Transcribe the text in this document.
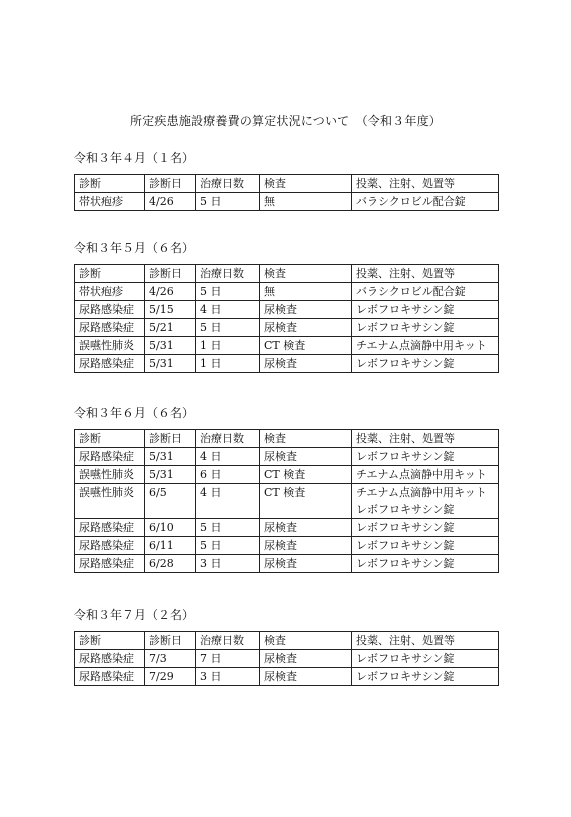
所定疾患施設療養費の算定状況について　（令和３年度）
令和３年４月（１名）
診断	診断日	治療日数	検査	投薬、注射、処置等
帯状疱疹	4/26	5 日	無	バラシクロビル配合錠
令和３年５月（６名）
診断	診断日	治療日数	検査	投薬、注射、処置等
帯状疱疹	4/26	5 日	無	バラシクロビル配合錠

尿路感染症	5/15	4 日	尿検査	レボフロキサシン錠

尿路感染症	5/21	5 日	尿検査	レボフロキサシン錠

誤嚥性肺炎	5/31	1 日	CT 検査	チエナム点滴静中用キット

尿路感染症	5/31	1 日	尿検査	レボフロキサシン錠
令和３年６月（６名）
診断	診断日	治療日数	検査	投薬、注射、処置等
尿路感染症	5/31	4 日	尿検査	レボフロキサシン錠

誤嚥性肺炎	5/31	6 日	CT 検査	チエナム点滴静中用キット

誤嚥性肺炎	6/5	4 日	CT 検査	チエナム点滴静中用キット
レボフロキサシン錠

尿路感染症	6/10	5 日	尿検査	レボフロキサシン錠

尿路感染症	6/11	5 日	尿検査	レボフロキサシン錠

尿路感染症	6/28	3 日	尿検査	レボフロキサシン錠
令和３年７月（２名）
診断	診断日	治療日数	検査	投薬、注射、処置等
尿路感染症	7/3	7 日	尿検査	レボフロキサシン錠

尿路感染症	7/29	3 日	尿検査	レボフロキサシン錠
